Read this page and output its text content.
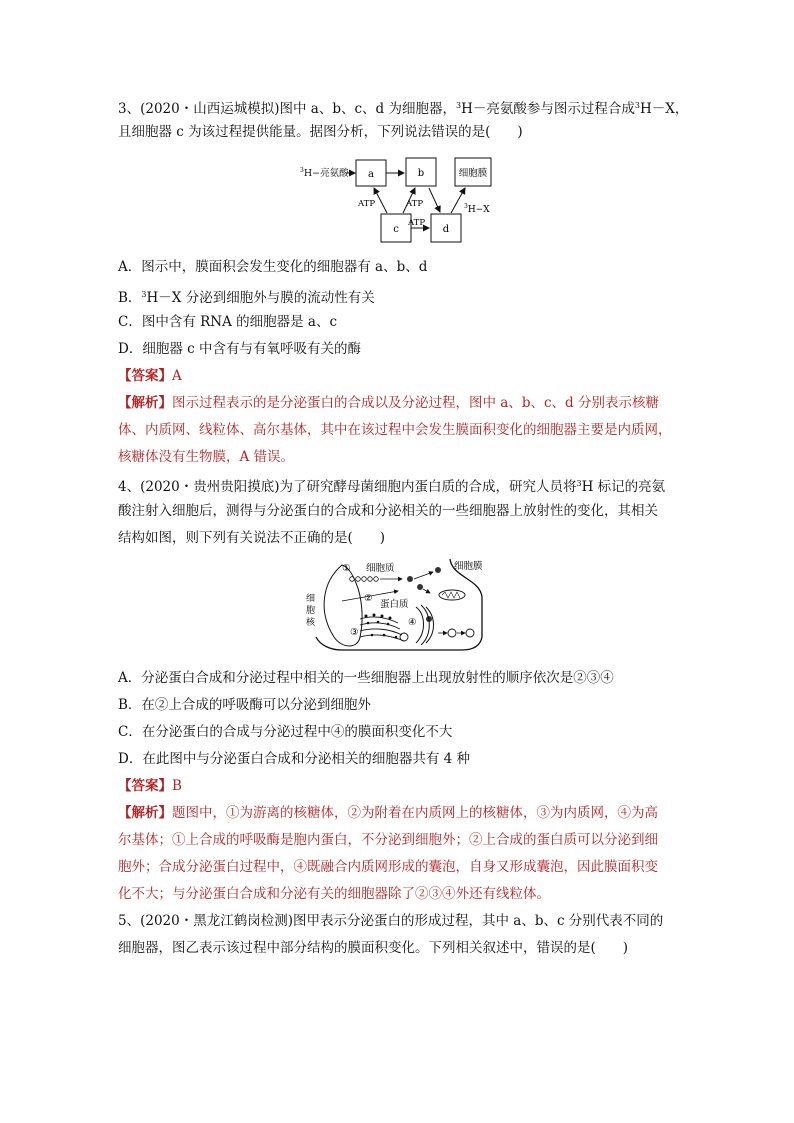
3、(2020・山西运城模拟)图中 a、b、c、d 为细胞器，$^3$H－亮氨酸参与图示过程合成$^3$H－X，
且细胞器 c 为该过程提供能量。据图分析，下列说法错误的是(　　)
$^3$H−亮氨酸 a	b	细胞膜
c	d
ATP	ATP
ATP
$^3$H−X
A．图示中，膜面积会发生变化的细胞器有 a、b、d
B．$^3$H－X 分泌到细胞外与膜的流动性有关
C．图中含有 RNA 的细胞器是 a、c
D．细胞器 c 中含有与有氧呼吸有关的酶
【答案】A
【解析】图示过程表示的是分泌蛋白的合成以及分泌过程，图中 a、b、c、d 分别表示核糖
体、内质网、线粒体、高尔基体，其中在该过程中会发生膜面积变化的细胞器主要是内质网，
核糖体没有生物膜，A 错误。
4、(2020・贵州贵阳摸底)为了研究酵母菌细胞内蛋白质的合成，研究人员将$^3$H 标记的亮氨
酸注射入细胞后，测得与分泌蛋白的合成和分泌相关的一些细胞器上放射性的变化，其相关
结构如图，则下列有关说法不正确的是(　　)
① 细胞质	细胞膜
细
胞
核
②
蛋白质
③
④
A．分泌蛋白合成和分泌过程中相关的一些细胞器上出现放射性的顺序依次是②③④
B．在②上合成的呼吸酶可以分泌到细胞外
C．在分泌蛋白的合成与分泌过程中④的膜面积变化不大
D．在此图中与分泌蛋白合成和分泌相关的细胞器共有 4 种
【答案】B
【解析】题图中，①为游离的核糖体，②为附着在内质网上的核糖体，③为内质网，④为高
尔基体；①上合成的呼吸酶是胞内蛋白，不分泌到细胞外；②上合成的蛋白质可以分泌到细
胞外；合成分泌蛋白过程中，④既融合内质网形成的囊泡，自身又形成囊泡，因此膜面积变
化不大；与分泌蛋白合成和分泌有关的细胞器除了②③④外还有线粒体。
5、(2020・黑龙江鹤岗检测)图甲表示分泌蛋白的形成过程，其中 a、b、c 分别代表不同的
细胞器，图乙表示该过程中部分结构的膜面积变化。下列相关叙述中，错误的是(　　)
